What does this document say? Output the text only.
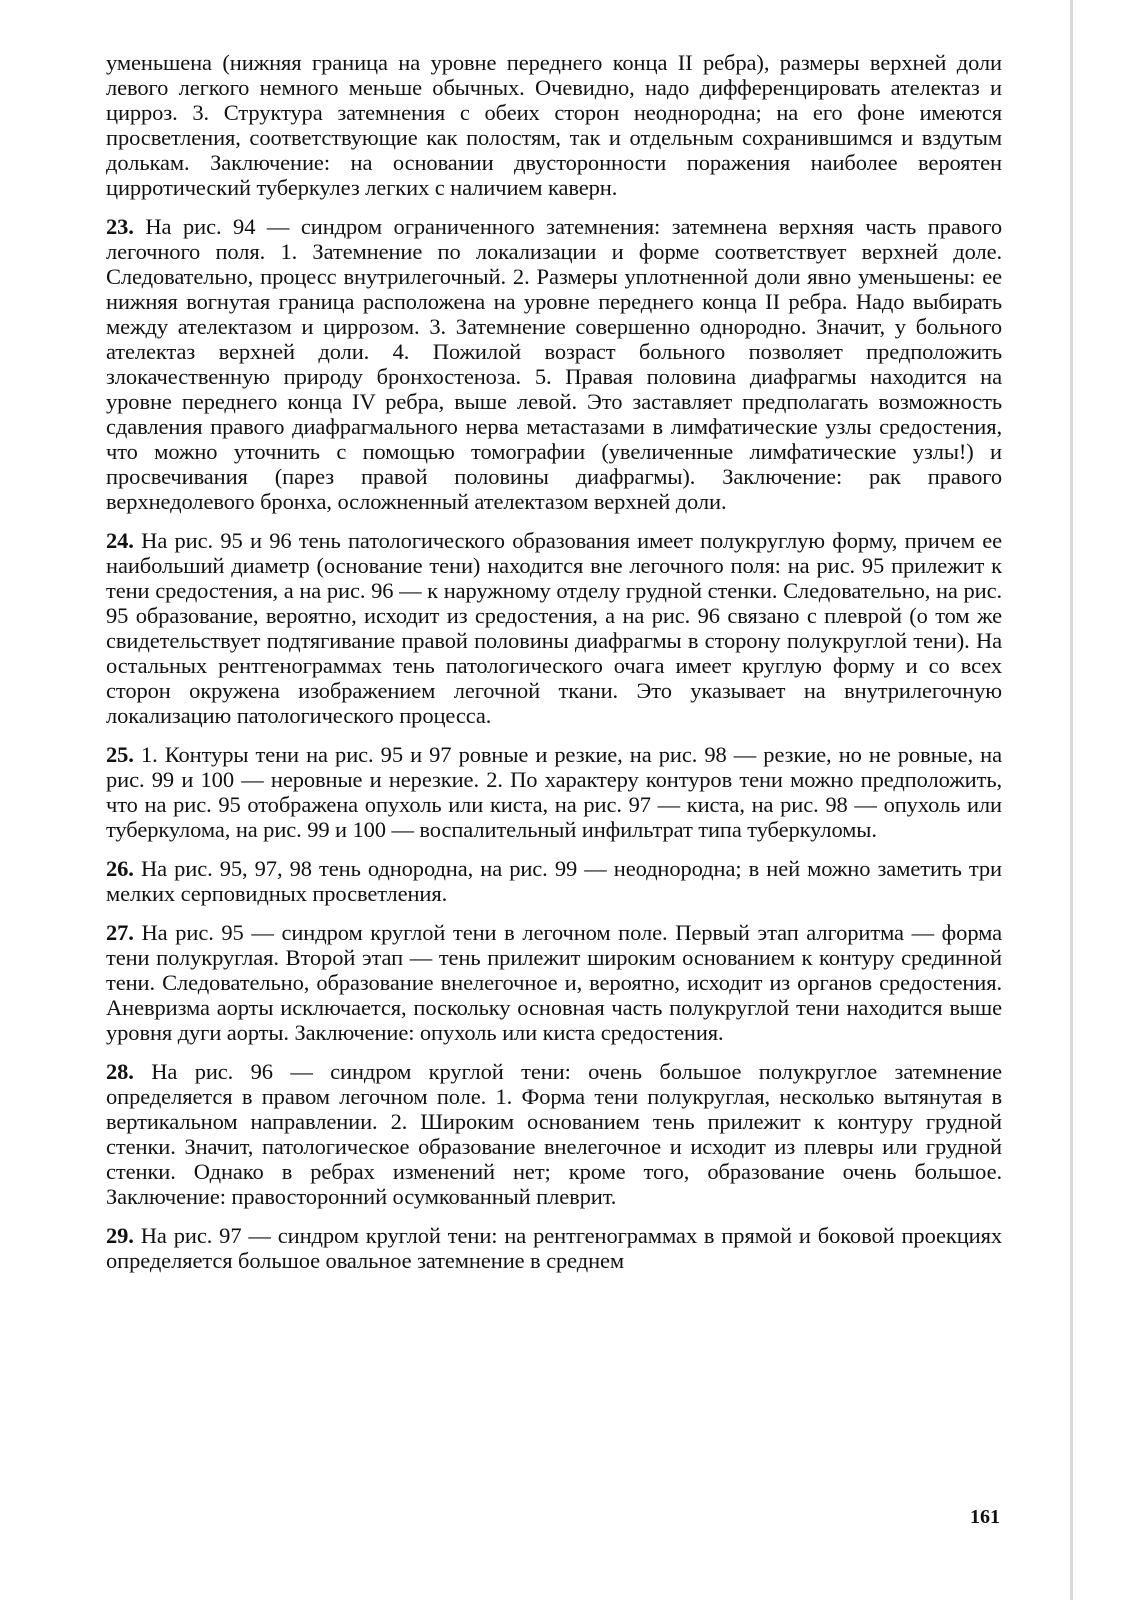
уменьшена (нижняя граница на уровне переднего конца II ребра), размеры верхней доли левого легкого немного меньше обычных. Очевидно, надо дифференцировать ателектаз и цирроз. 3. Структура затемнения с обеих сторон неоднородна; на его фоне имеются просветления, соответствующие как полостям, так и отдельным сохранившимся и вздутым долькам. Заключение: на основании двусторонности поражения наиболее вероятен цирротический туберкулез легких с наличием каверн.

23. На рис. 94 — синдром ограниченного затемнения: затемнена верхняя часть правого легочного поля. 1. Затемнение по локализации и форме соответствует верхней доле. Следовательно, процесс внутрилегочный. 2. Размеры уплотненной доли явно уменьшены: ее нижняя вогнутая граница расположена на уровне переднего конца II ребра. Надо выбирать между ателектазом и циррозом. 3. Затемнение совершенно однородно. Значит, у больного ателектаз верхней доли. 4. Пожилой возраст больного позволяет предположить злокачественную природу бронхостеноза. 5. Правая половина диафрагмы находится на уровне переднего конца IV ребра, выше левой. Это заставляет предполагать возможность сдавления правого диафрагмального нерва метастазами в лимфатические узлы средостения, что можно уточнить с помощью томографии (увеличенные лимфатические узлы!) и просвечивания (парез правой половины диафрагмы). Заключение: рак правого верхнедолевого бронха, осложненный ателектазом верхней доли.

24. На рис. 95 и 96 тень патологического образования имеет полукруглую форму, причем ее наибольший диаметр (основание тени) находится вне легочного поля: на рис. 95 прилежит к тени средостения, а на рис. 96 — к наружному отделу грудной стенки. Следовательно, на рис. 95 образование, вероятно, исходит из средостения, а на рис. 96 связано с плеврой (о том же свидетельствует подтягивание правой половины диафрагмы в сторону полукруглой тени). На остальных рентгенограммах тень патологического очага имеет круглую форму и со всех сторон окружена изображением легочной ткани. Это указывает на внутрилегочную локализацию патологического процесса.

25. 1. Контуры тени на рис. 95 и 97 ровные и резкие, на рис. 98 — резкие, но не ровные, на рис. 99 и 100 — неровные и нерезкие. 2. По характеру контуров тени можно предположить, что на рис. 95 отображена опухоль или киста, на рис. 97 — киста, на рис. 98 — опухоль или туберкулома, на рис. 99 и 100 — воспалительный инфильтрат типа туберкуломы.

26. На рис. 95, 97, 98 тень однородна, на рис. 99 — неоднородна; в ней можно заметить три мелких серповидных просветления.

27. На рис. 95 — синдром круглой тени в легочном поле. Первый этап алгоритма — форма тени полукруглая. Второй этап — тень прилежит широким основанием к контуру срединной тени. Следовательно, образование внелегочное и, вероятно, исходит из органов средостения. Аневризма аорты исключается, поскольку основная часть полукруглой тени находится выше уровня дуги аорты. Заключение: опухоль или киста средостения.

28. На рис. 96 — синдром круглой тени: очень большое полукруглое затемнение определяется в правом легочном поле. 1. Форма тени полукруглая, несколько вытянутая в вертикальном направлении. 2. Широким основанием тень прилежит к контуру грудной стенки. Значит, патологическое образование внелегочное и исходит из плевры или грудной стенки. Однако в ребрах изменений нет; кроме того, образование очень большое. Заключение: правосторонний осумкованный плеврит.

29. На рис. 97 — синдром круглой тени: на рентгенограммах в прямой и боковой проекциях определяется большое овальное затемнение в среднем

161
